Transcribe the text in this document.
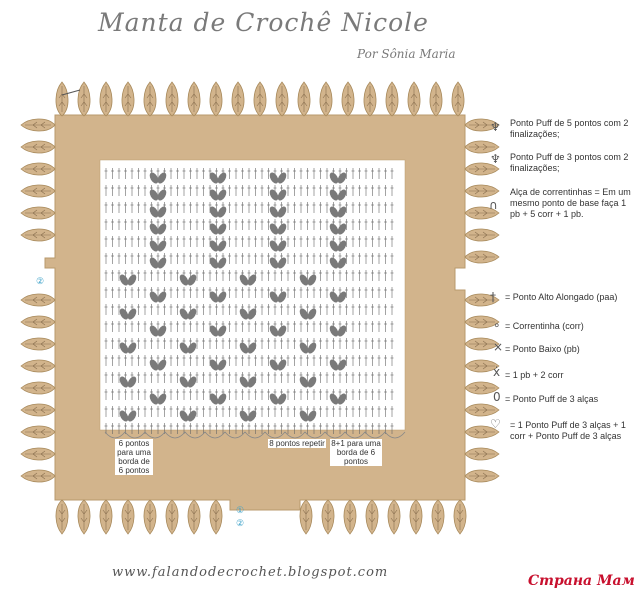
Manta de Crochê Nicole
Por Sônia Maria
6 pontos para uma borda de 6 pontos
8 pontos repetir 8+1 para uma borda de 6 pontos
①
②
②
♆ Ponto Puff de 5 pontos com 2 finalizações;
♆ Ponto Puff de 3 pontos com 2 finalizações;
∩
Alça de correntinhas = Em um mesmo ponto de base faça 1 pb + 5 corr + 1 pb.
† = Ponto Alto Alongado (paa)
∘ = Correntinha (corr)
× = Ponto Baixo (pb)
ẋ = 1 pb + 2 corr
0 = Ponto Puff de 3 alças
♡ = 1 Ponto Puff de 3 alças + 1 corr + Ponto Puff de 3 alças
www.falandodecrochet.blogspot.com
Страна Мам
